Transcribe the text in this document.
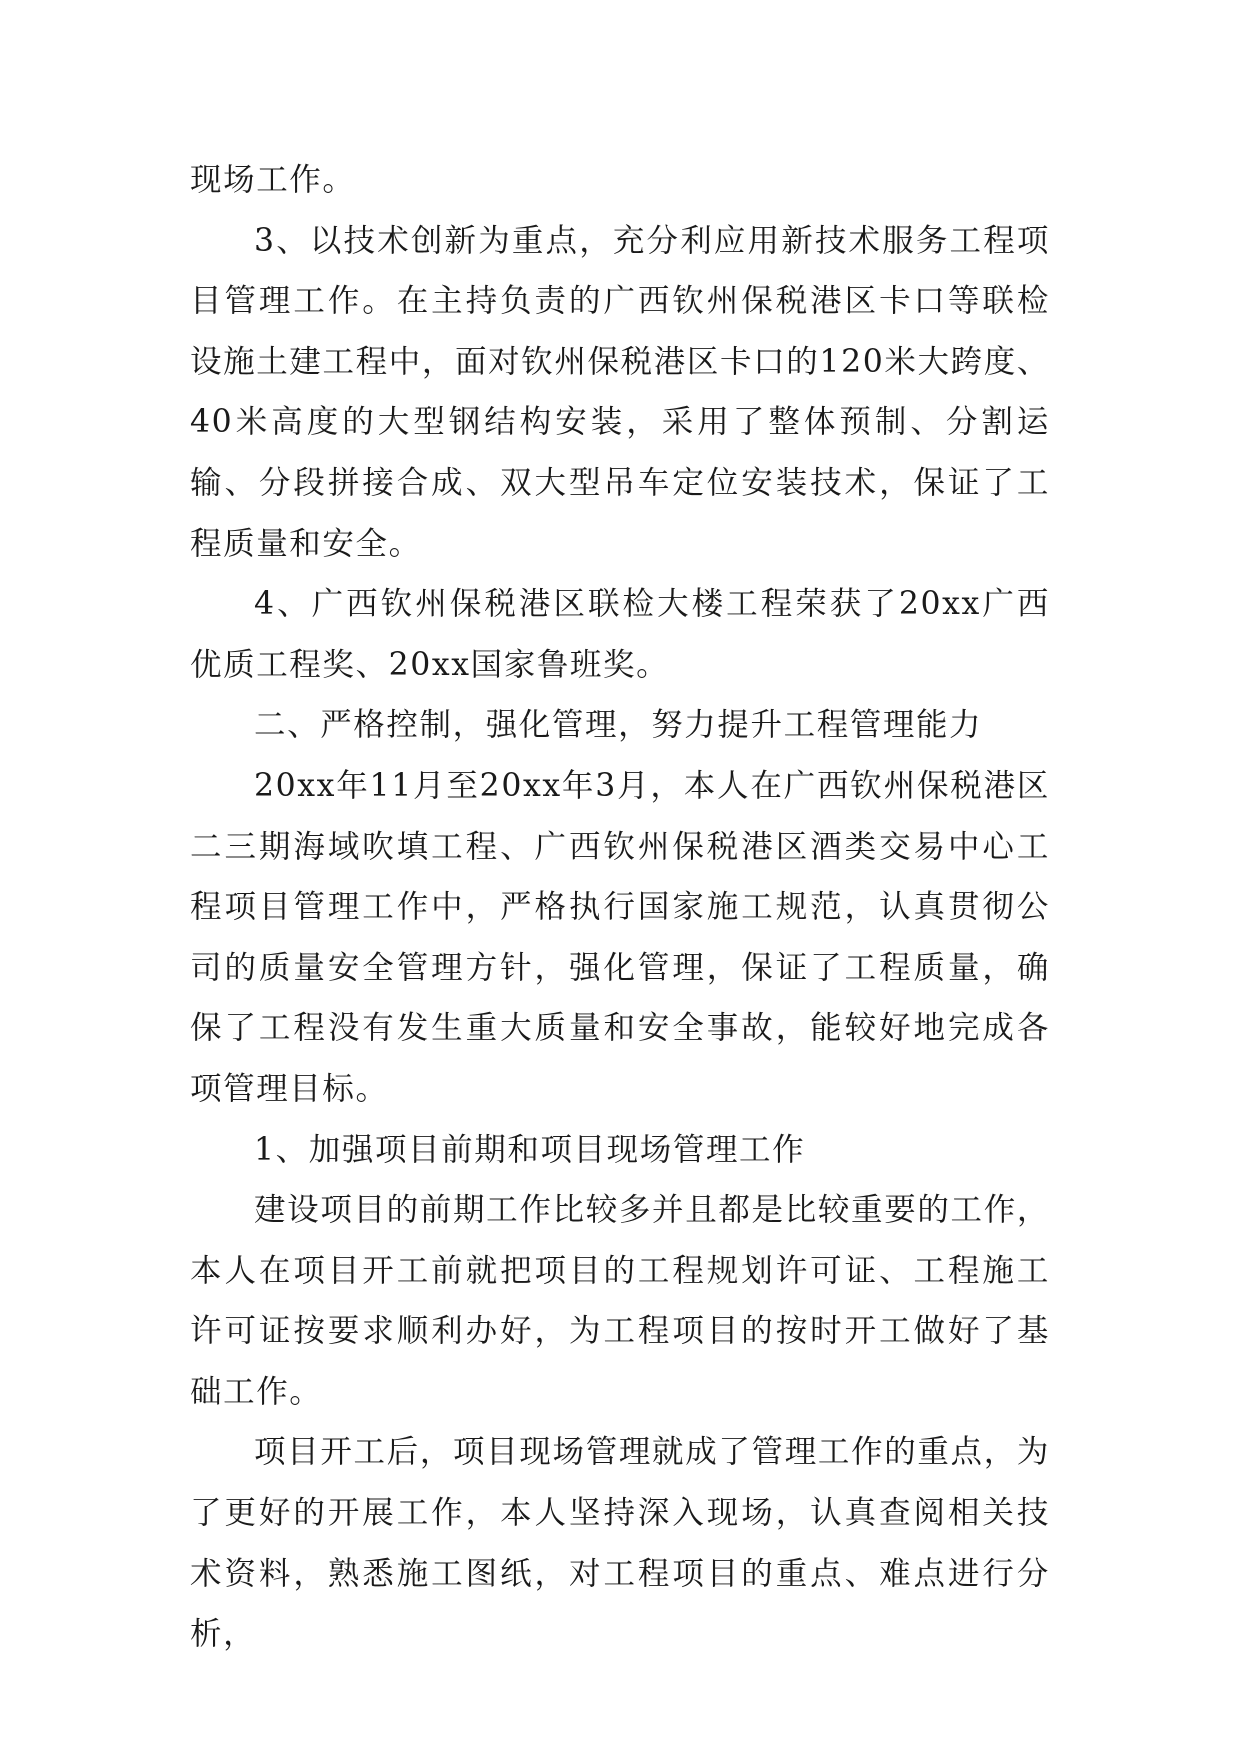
现场工作。

3、以技术创新为重点，充分利应用新技术服务工程项目管理工作。在主持负责的广西钦州保税港区卡口等联检设施土建工程中，面对钦州保税港区卡口的120米大跨度、40米高度的大型钢结构安装，采用了整体预制、分割运输、分段拼接合成、双大型吊车定位安装技术，保证了工程质量和安全。

4、广西钦州保税港区联检大楼工程荣获了20xx广西优质工程奖、20xx国家鲁班奖。

二、严格控制，强化管理，努力提升工程管理能力

20xx年11月至20xx年3月，本人在广西钦州保税港区二三期海域吹填工程、广西钦州保税港区酒类交易中心工程项目管理工作中，严格执行国家施工规范，认真贯彻公司的质量安全管理方针，强化管理，保证了工程质量，确保了工程没有发生重大质量和安全事故，能较好地完成各项管理目标。

1、加强项目前期和项目现场管理工作

建设项目的前期工作比较多并且都是比较重要的工作，本人在项目开工前就把项目的工程规划许可证、工程施工许可证按要求顺利办好，为工程项目的按时开工做好了基础工作。

项目开工后，项目现场管理就成了管理工作的重点，为了更好的开展工作，本人坚持深入现场，认真查阅相关技术资料，熟悉施工图纸，对工程项目的重点、难点进行分析，
